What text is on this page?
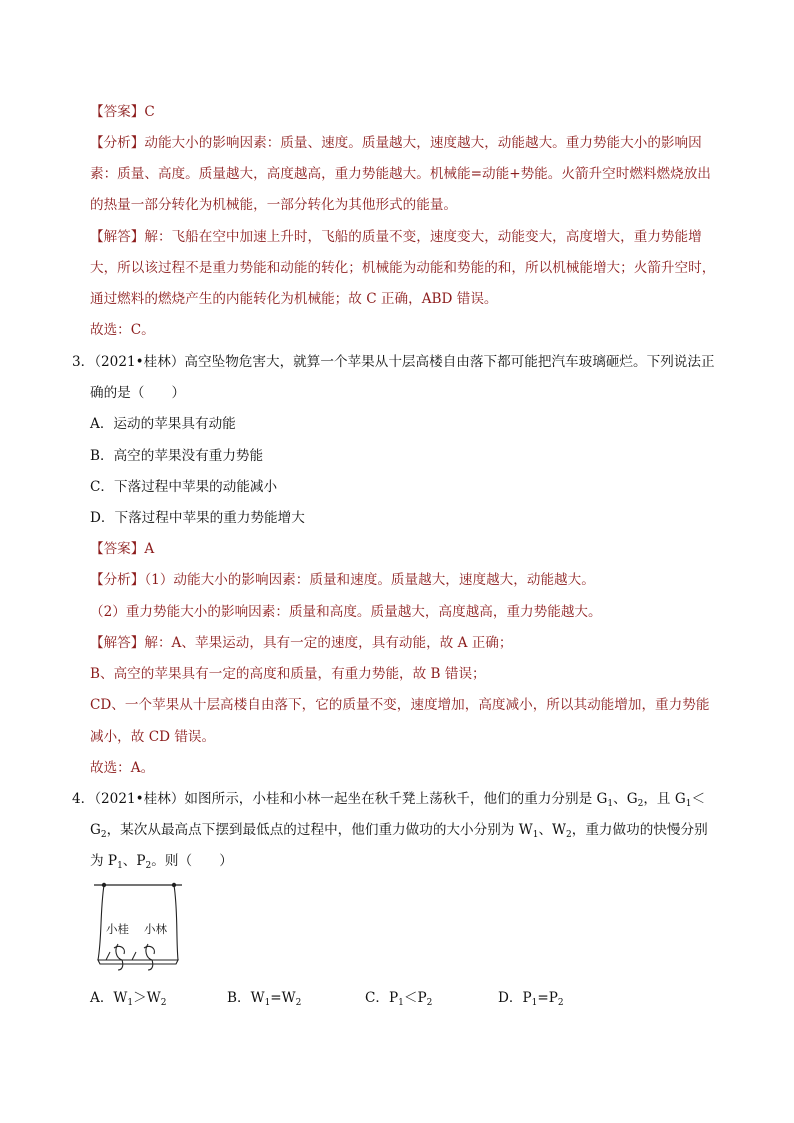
【答案】C
【分析】动能大小的影响因素：质量、速度。质量越大，速度越大，动能越大。重力势能大小的影响因
素：质量、高度。质量越大，高度越高，重力势能越大。机械能=动能+势能。火箭升空时燃料燃烧放出
的热量一部分转化为机械能，一部分转化为其他形式的能量。
【解答】解：飞船在空中加速上升时，飞船的质量不变，速度变大，动能变大，高度增大，重力势能增
大，所以该过程不是重力势能和动能的转化；机械能为动能和势能的和，所以机械能增大；火箭升空时，
通过燃料的燃烧产生的内能转化为机械能；故 C 正确，ABD 错误。
故选：C。
3．（2021•桂林）高空坠物危害大，就算一个苹果从十层高楼自由落下都可能把汽车玻璃砸烂。下列说法正
确的是（　　）
A．运动的苹果具有动能
B．高空的苹果没有重力势能
C．下落过程中苹果的动能减小
D．下落过程中苹果的重力势能增大
【答案】A
【分析】（1）动能大小的影响因素：质量和速度。质量越大，速度越大，动能越大。
（2）重力势能大小的影响因素：质量和高度。质量越大，高度越高，重力势能越大。
【解答】解：A、苹果运动，具有一定的速度，具有动能，故 A 正确；
B、高空的苹果具有一定的高度和质量，有重力势能，故 B 错误；
CD、一个苹果从十层高楼自由落下，它的质量不变，速度增加，高度减小，所以其动能增加，重力势能
减小，故 CD 错误。
故选：A。
4．（2021•桂林）如图所示，小桂和小林一起坐在秋千凳上荡秋千，他们的重力分别是 $G_1$、$G_2$，且 $G_1<$
$G_2$，某次从最高点下摆到最低点的过程中，他们重力做功的大小分别为 $W_1$、$W_2$，重力做功的快慢分别
为 $P_1$、$P_2$。则（　　）
小桂 小林
A．$W_1>W_2$	B．$W_1=W_2$	C．$P_1<P_2$	D．$P_1=P_2$
